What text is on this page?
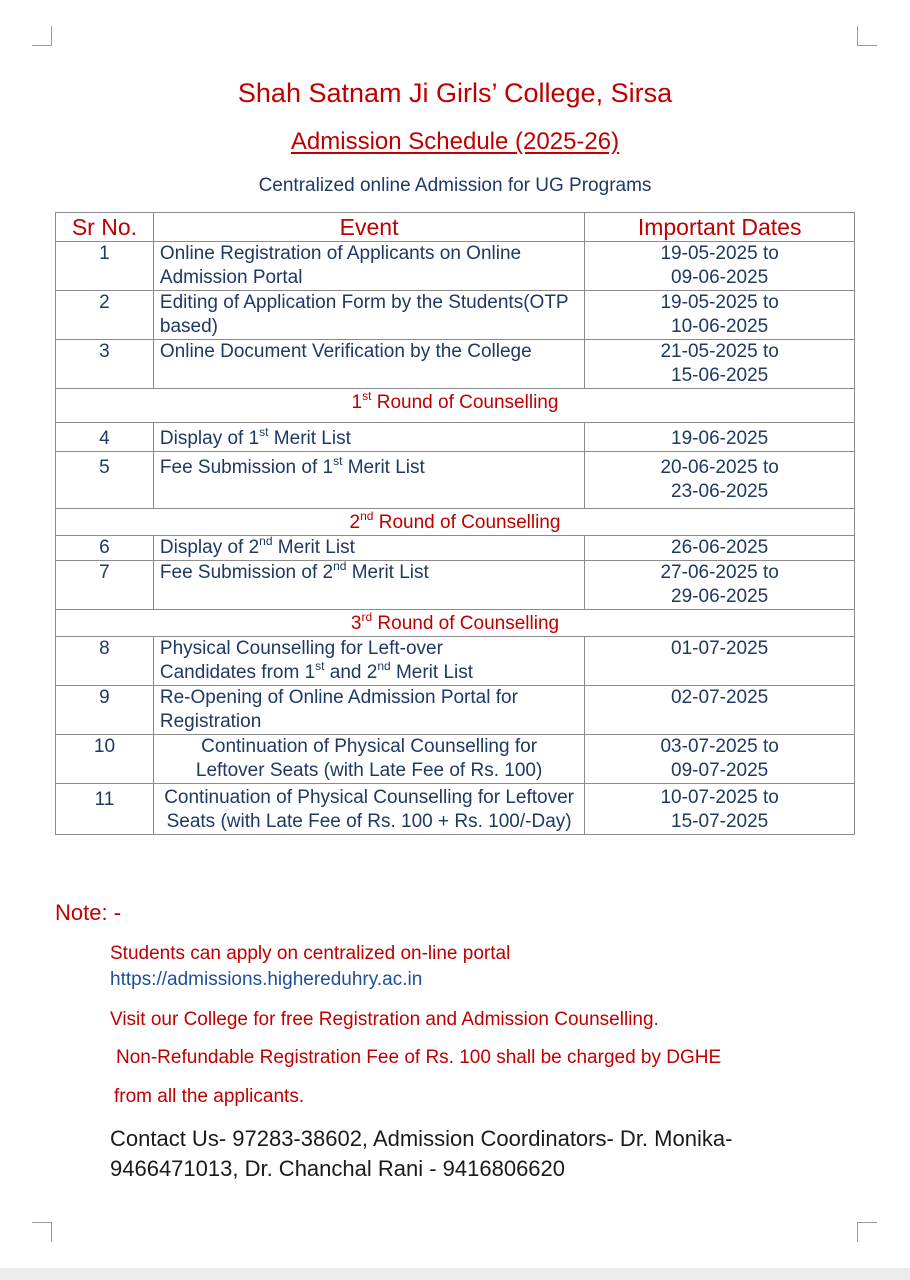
Shah Satnam Ji Girls’ College, Sirsa
Admission Schedule (2025-26)
Centralized online Admission for UG Programs
Sr No.	Event	Important Dates
1	Online Registration of Applicants on Online Admission Portal	19-05-2025 to
09-06-2025

2	Editing of Application Form by the Students(OTP based)	19-05-2025 to
10-06-2025

3	Online Document Verification by the College	21-05-2025 to
15-06-2025

1st Round of Counselling		
4	Display of 1st Merit List	19-06-2025

5	Fee Submission of 1st Merit List	20-06-2025 to
23-06-2025

2nd Round of Counselling		
6	Display of 2nd Merit List	26-06-2025

7	Fee Submission of 2nd Merit List	27-06-2025 to
29-06-2025

3rd Round of Counselling		
8	Physical Counselling for Left-over
Candidates from 1st and 2nd Merit List	01-07-2025

9	Re-Opening of Online Admission Portal for Registration	02-07-2025

10	Continuation of Physical Counselling for Leftover Seats (with Late Fee of Rs. 100)	03-07-2025 to
09-07-2025

11	Continuation of Physical Counselling for Leftover Seats (with Late Fee of Rs. 100 + Rs. 100/-Day)	10-07-2025 to
15-07-2025
Note: -
Students can apply on centralized on-line portal
https://admissions.highereduhry.ac.in
Visit our College for free Registration and Admission Counselling.
Non-Refundable Registration Fee of Rs. 100 shall be charged by DGHE
from all the applicants.
Contact Us- 97283-38602, Admission Coordinators- Dr. Monika-
9466471013, Dr. Chanchal Rani - 9416806620
